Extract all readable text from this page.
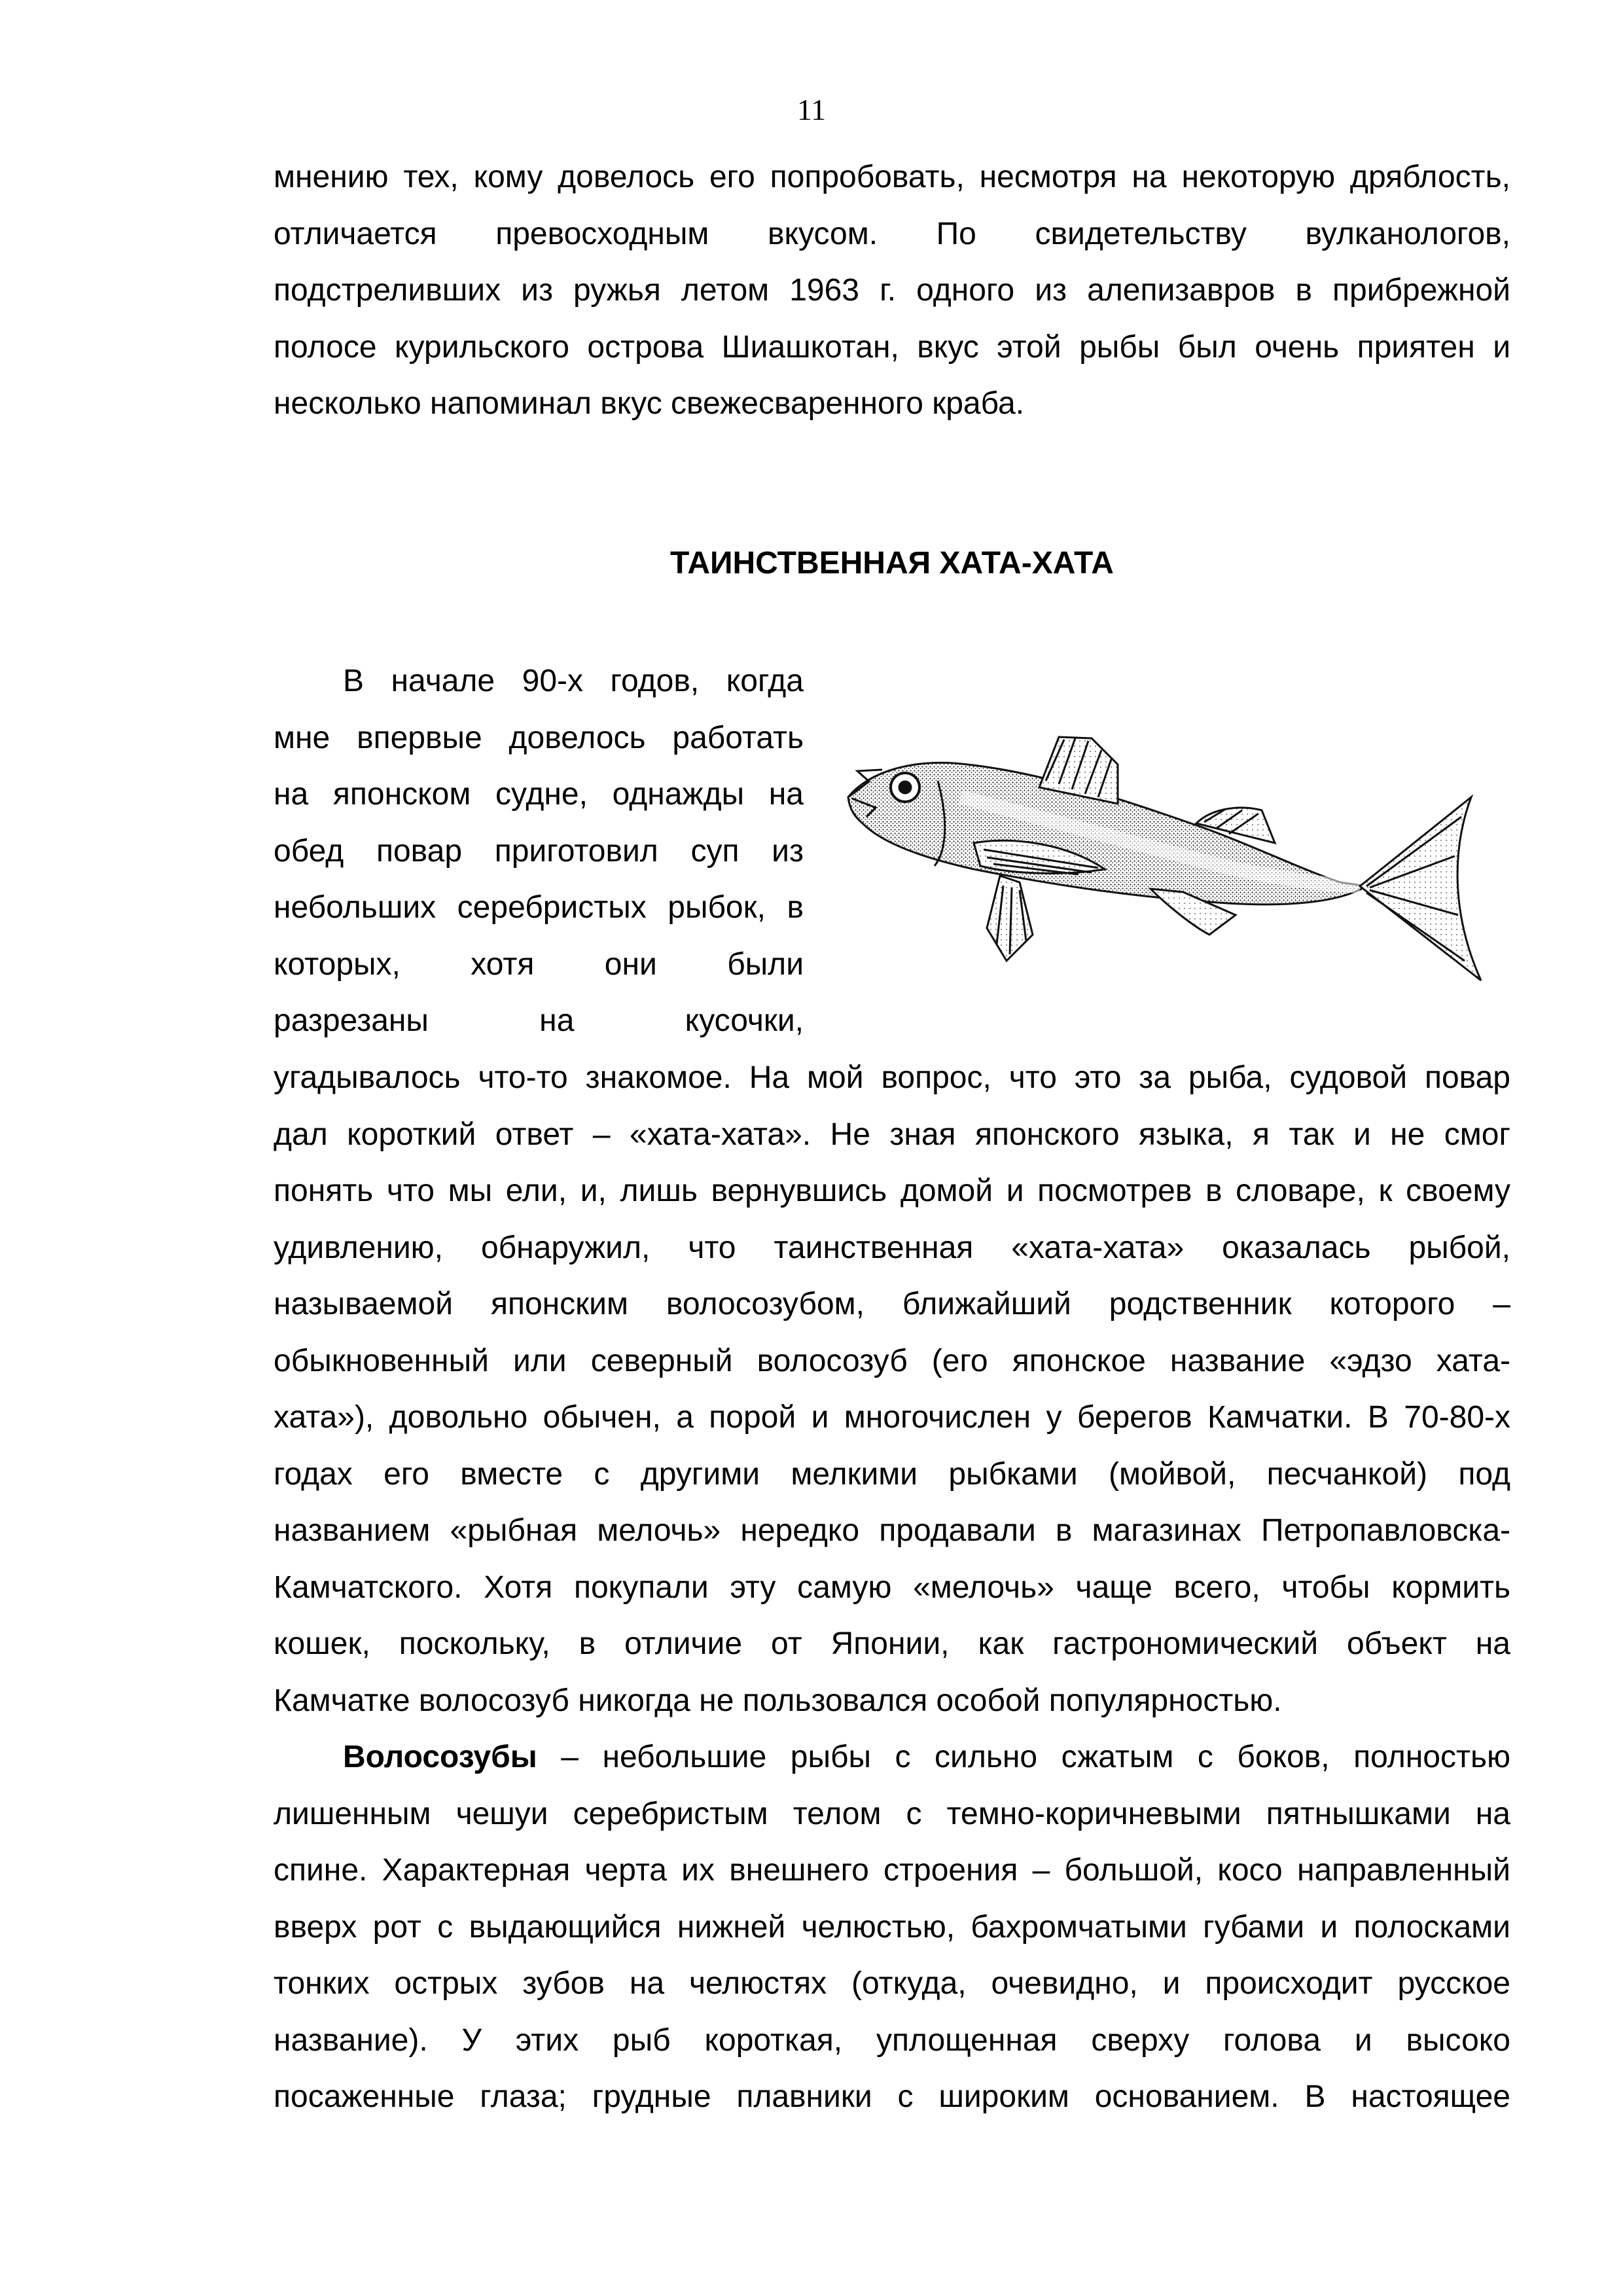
11
мнению тех, кому довелось его попробовать, несмотря на некоторую дряблость,
отличается превосходным вкусом. По свидетельству вулканологов,
подстреливших из ружья летом 1963 г. одного из алепизавров в прибрежной
полосе курильского острова Шиашкотан, вкус этой рыбы был очень приятен и
несколько напоминал вкус свежесваренного краба.
ТАИНСТВЕННАЯ ХАТА-ХАТА
В начале 90-х годов, когда
мне впервые довелось работать
на японском судне, однажды на
обед повар приготовил суп из
небольших серебристых рыбок, в
которых, хотя они были
разрезаны на кусочки,
угадывалось что-то знакомое. На мой вопрос, что это за рыба, судовой повар
дал короткий ответ – «хата-хата». Не зная японского языка, я так и не смог
понять что мы ели, и, лишь вернувшись домой и посмотрев в словаре, к своему
удивлению, обнаружил, что таинственная «хата-хата» оказалась рыбой,
называемой японским волосозубом, ближайший родственник которого –
обыкновенный или северный волосозуб (его японское название «эдзо хата-
хата»), довольно обычен, а порой и многочислен у берегов Камчатки. В 70-80-х
годах его вместе с другими мелкими рыбками (мойвой, песчанкой) под
названием «рыбная мелочь» нередко продавали в магазинах Петропавловска-
Камчатского. Хотя покупали эту самую «мелочь» чаще всего, чтобы кормить
кошек, поскольку, в отличие от Японии, как гастрономический объект на
Камчатке волосозуб никогда не пользовался особой популярностью.
Волосозубы – небольшие рыбы с сильно сжатым с боков, полностью
лишенным чешуи серебристым телом с темно-коричневыми пятнышками на
спине. Характерная черта их внешнего строения – большой, косо направленный
вверх рот с выдающийся нижней челюстью, бахромчатыми губами и полосками
тонких острых зубов на челюстях (откуда, очевидно, и происходит русское
название). У этих рыб короткая, уплощенная сверху голова и высоко
посаженные глаза; грудные плавники с широким основанием. В настоящее
